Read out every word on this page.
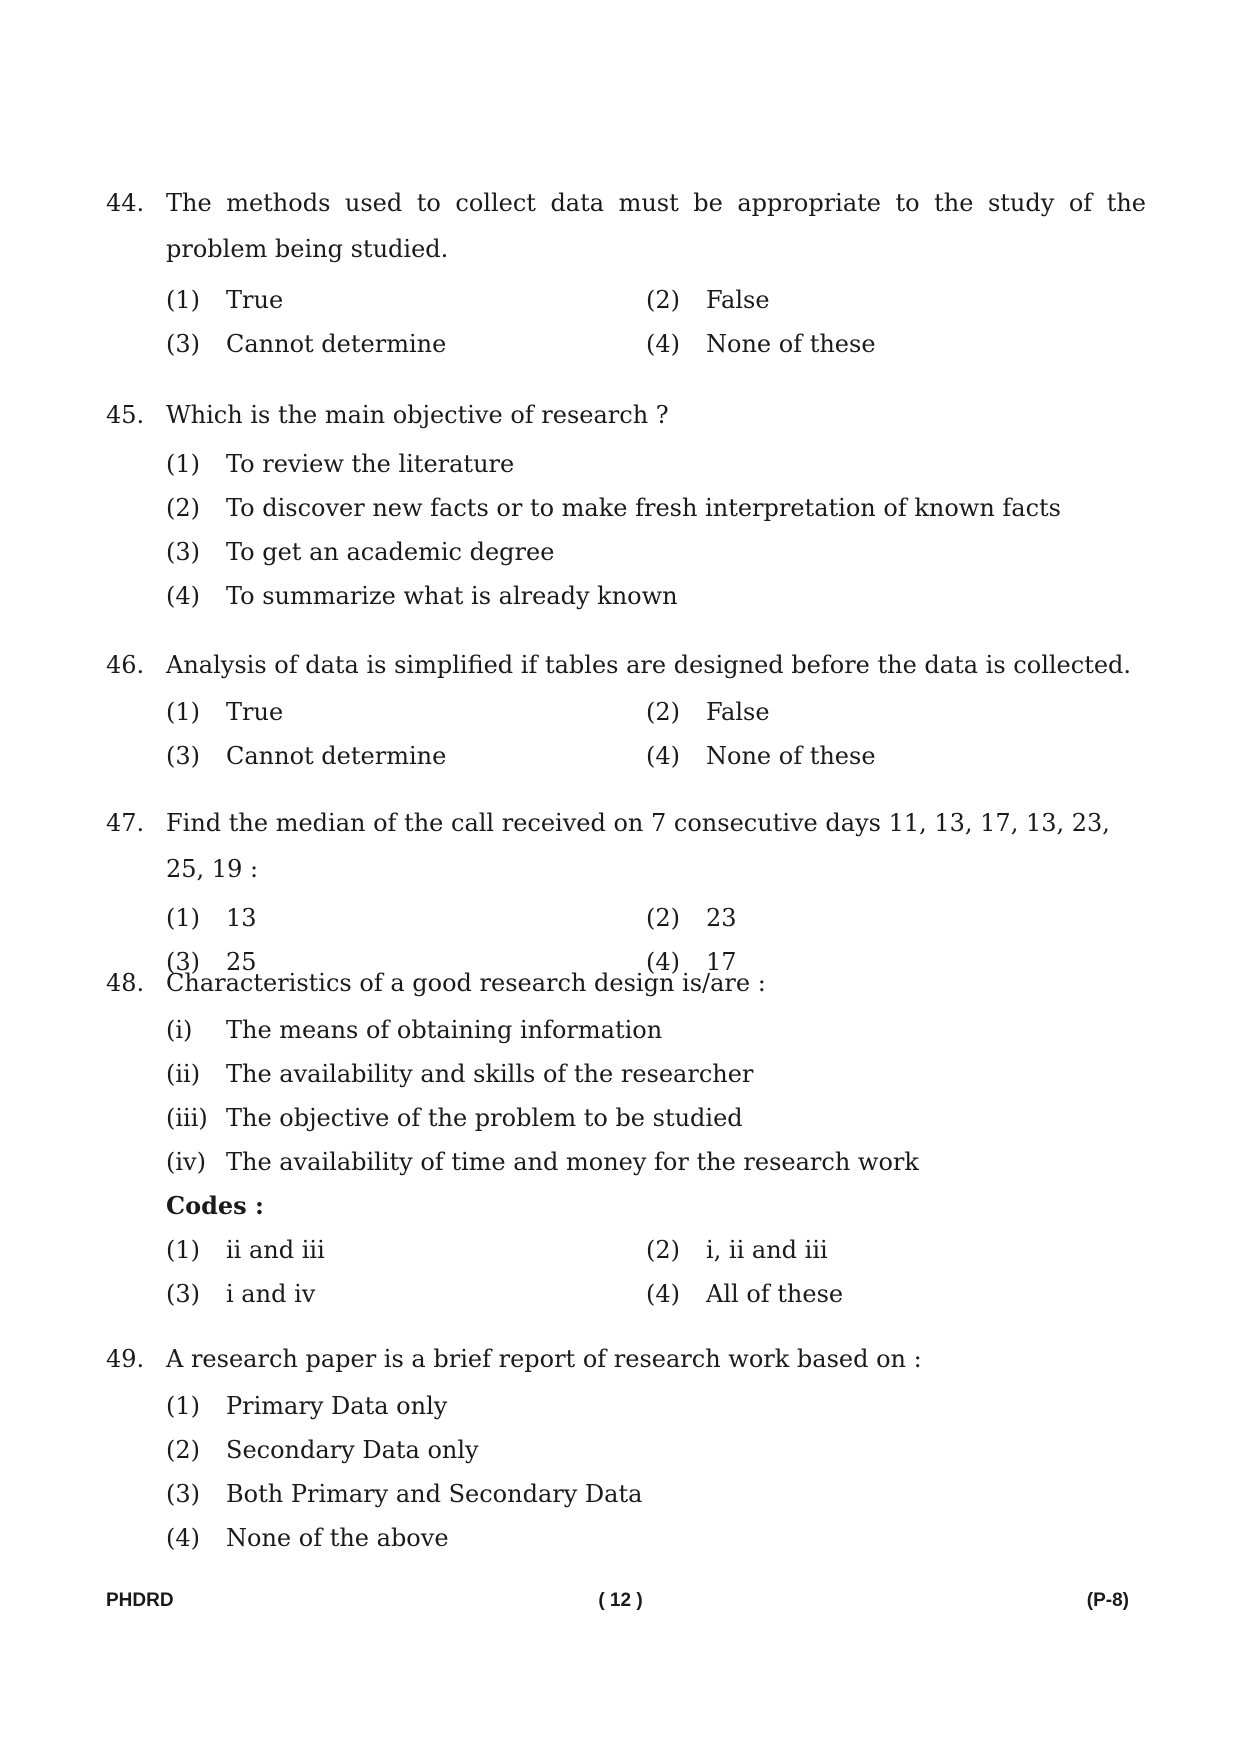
44. The methods used to collect data must be appropriate to the study of the problem being studied.
(1) True	(2) False
(3) Cannot determine	(4) None of these
45. Which is the main objective of research ?
(1) To review the literature
(2) To discover new facts or to make fresh interpretation of known facts
(3) To get an academic degree
(4) To summarize what is already known
46. Analysis of data is simplified if tables are designed before the data is collected.
(1) True	(2) False
(3) Cannot determine	(4) None of these
47. Find the median of the call received on 7 consecutive days 11, 13, 17, 13, 23, 25, 19 :
(1) 13	(2) 23
(3) 25	(4) 17
48. Characteristics of a good research design is/are :
(i) The means of obtaining information
(ii) The availability and skills of the researcher
(iii) The objective of the problem to be studied
(iv) The availability of time and money for the research work
Codes :
(1) ii and iii	(2) i, ii and iii
(3) i and iv	(4) All of these
49. A research paper is a brief report of research work based on :
(1) Primary Data only
(2) Secondary Data only
(3) Both Primary and Secondary Data
(4) None of the above
PHDRD	( 12 )	(P-8)
